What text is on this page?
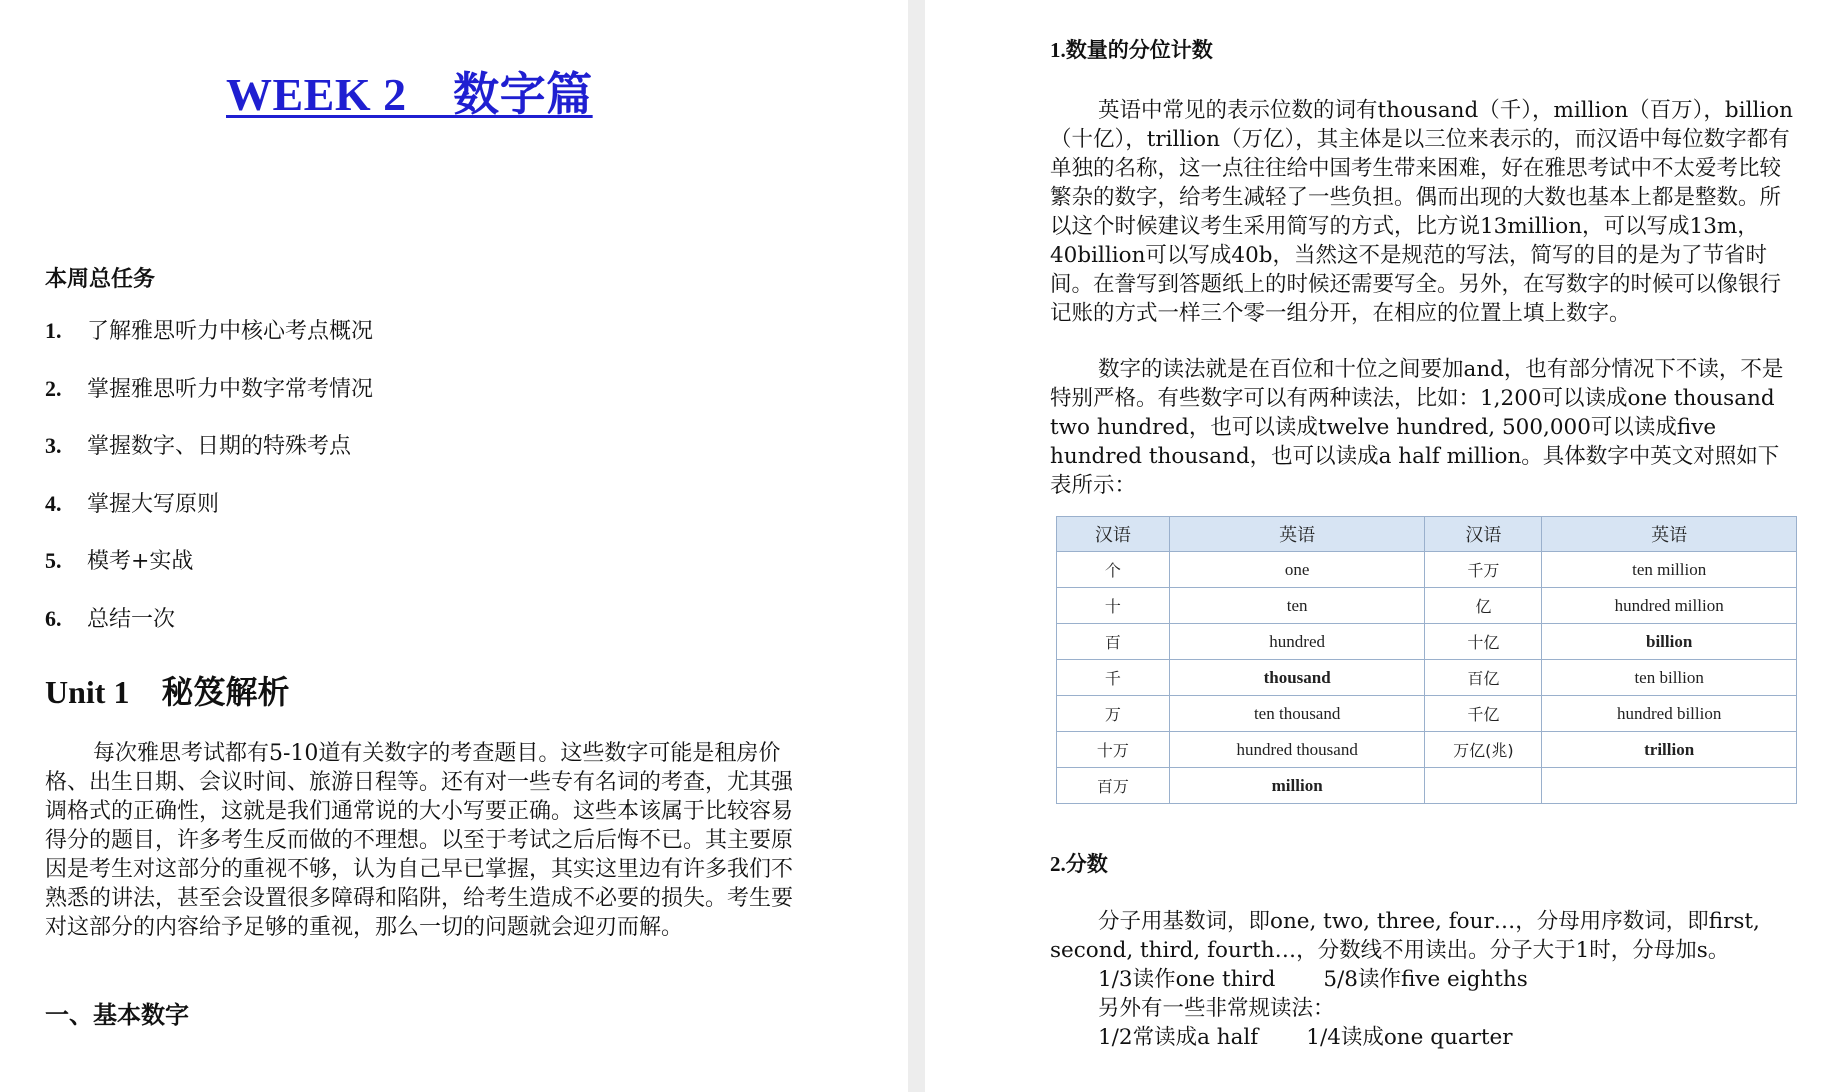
WEEK 2　数字篇
本周总任务
1. 了解雅思听力中核心考点概况
2. 掌握雅思听力中数字常考情况
3. 掌握数字、日期的特殊考点
4. 掌握大写原则
5. 模考+实战
6. 总结一次
Unit 1　 秘笈解析

每次雅思考试都有5-10道有关数字的考查题目。这些数字可能是租房价格、出生日期、会议时间、旅游日程等。还有对一些专有名词的考查，尤其强调格式的正确性，这就是我们通常说的大小写要正确。这些本该属于比较容易得分的题目，许多考生反而做的不理想。以至于考试之后后悔不已。其主要原因是考生对这部分的重视不够，认为自己早已掌握，其实这里边有许多我们不熟悉的讲法，甚至会设置很多障碍和陷阱，给考生造成不必要的损失。考生要对这部分的内容给予足够的重视，那么一切的问题就会迎刃而解。

一、基本数字
1.数量的分位计数

英语中常见的表示位数的词有thousand（千），million（百万），billion（十亿），trillion（万亿），其主体是以三位来表示的，而汉语中每位数字都有单独的名称，这一点往往给中国考生带来困难，好在雅思考试中不太爱考比较繁杂的数字，给考生减轻了一些负担。偶而出现的大数也基本上都是整数。所以这个时候建议考生采用简写的方式，比方说13million，可以写成13m，40billion可以写成40b，当然这不是规范的写法，简写的目的是为了节省时间。在誊写到答题纸上的时候还需要写全。另外，在写数字的时候可以像银行记账的方式一样三个零一组分开，在相应的位置上填上数字。

数字的读法就是在百位和十位之间要加and，也有部分情况下不读，不是特别严格。有些数字可以有两种读法，比如：1,200可以读成one thousand two hundred，也可以读成twelve hundred, 500,000可以读成five hundred thousand，也可以读成a half million。具体数字中英文对照如下表所示：

汉语	英语	汉语	英语
个	one	千万	ten million
十	ten	亿	hundred million
百	hundred	十亿	billion
千	thousand	百亿	ten billion
万	ten thousand	千亿	hundred billion
十万	hundred thousand	万亿(兆)	trillion
百万	million		
2.分数

分子用基数词，即one, two, three, four…，分母用序数词，即first, second, third, fourth…，分数线不用读出。分子大于1时，分母加s。

1/3读作one third 5/8读作five eighths

另外有一些非常规读法：

1/2常读成a half 1/4读成one quarter
